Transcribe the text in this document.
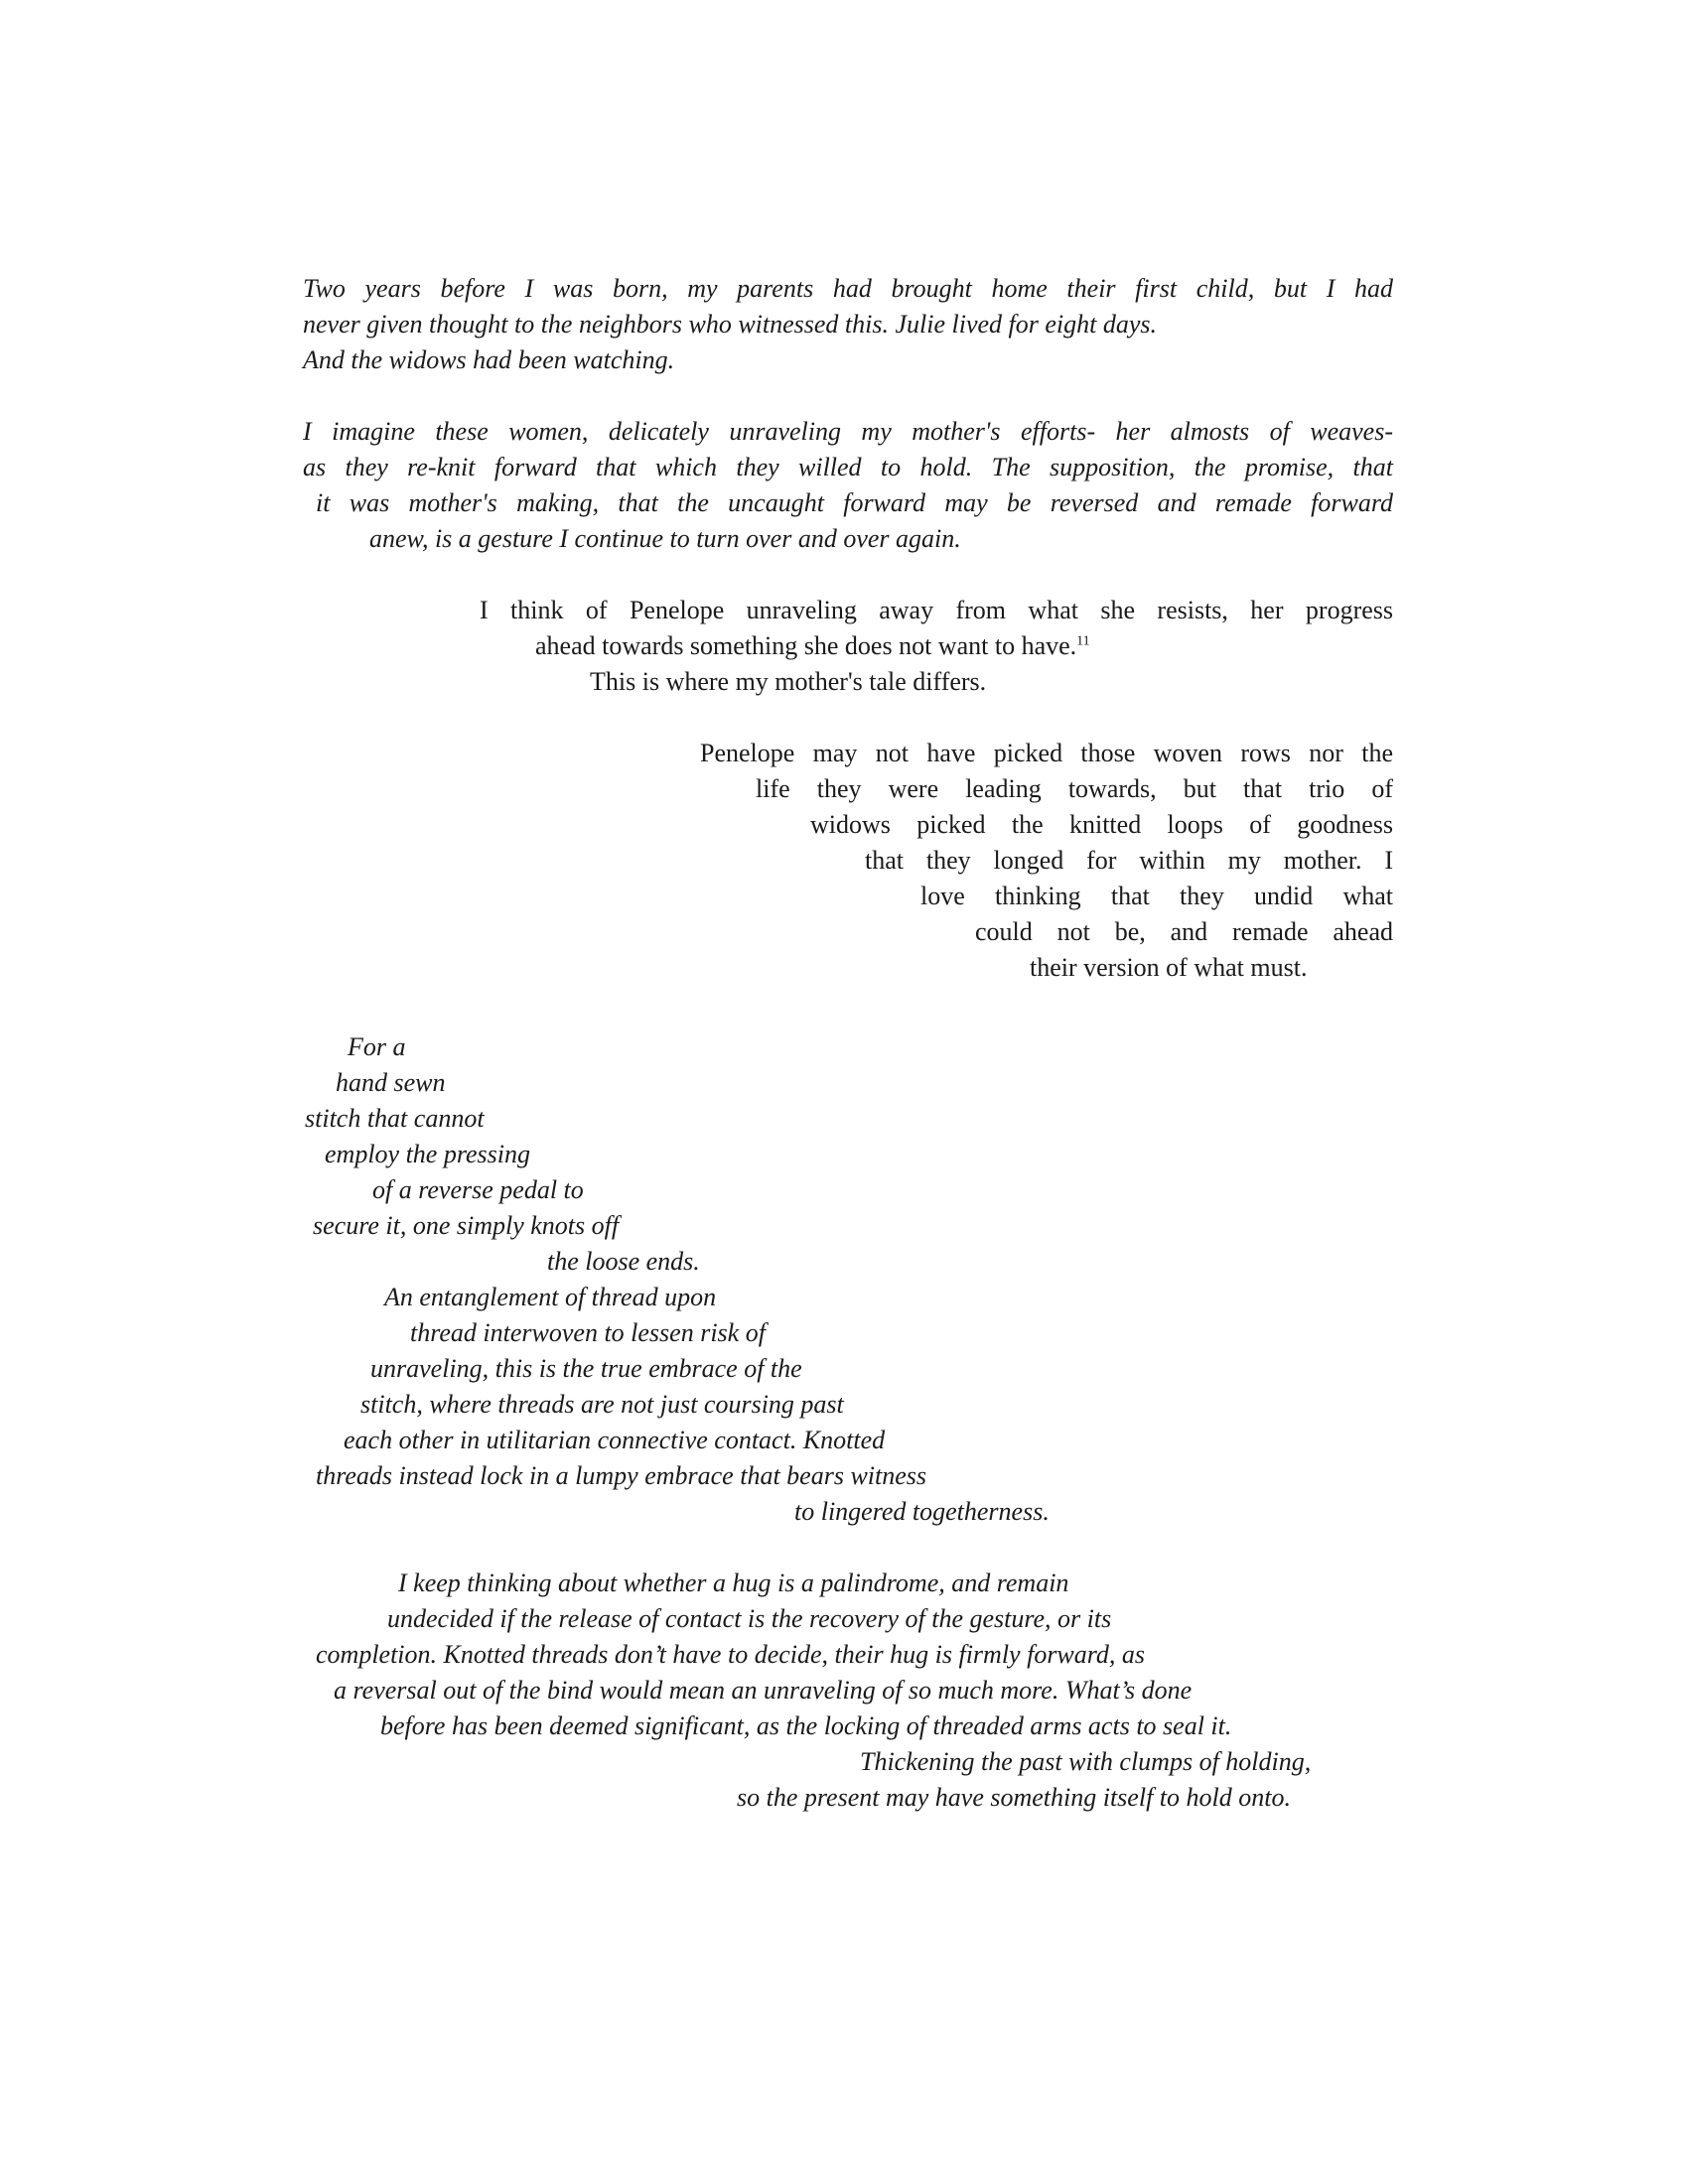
Two years before I was born, my parents had brought home their first child, but I had

never given thought to the neighbors who witnessed this. Julie lived for eight days.

And the widows had been watching.

I imagine these women, delicately unraveling my mother's efforts- her almosts of weaves-

as they re-knit forward that which they willed to hold. The supposition, the promise, that

it was mother's making, that the uncaught forward may be reversed and remade forward

anew, is a gesture I continue to turn over and over again.

I think of Penelope unraveling away from what she resists, her progress

ahead towards something she does not want to have.$^{11}$

This is where my mother's tale differs.

Penelope may not have picked those woven rows nor the

life they were leading towards, but that trio of

widows picked the knitted loops of goodness

that they longed for within my mother. I

love thinking that they undid what

could not be, and remade ahead

their version of what must.

For a

hand sewn

stitch that cannot

employ the pressing

of a reverse pedal to

secure it, one simply knots off

the loose ends.

An entanglement of thread upon

thread interwoven to lessen risk of

unraveling, this is the true embrace of the

stitch, where threads are not just coursing past

each other in utilitarian connective contact. Knotted

threads instead lock in a lumpy embrace that bears witness

to lingered togetherness.

I keep thinking about whether a hug is a palindrome, and remain

undecided if the release of contact is the recovery of the gesture, or its

completion. Knotted threads don’t have to decide, their hug is firmly forward, as

a reversal out of the bind would mean an unraveling of so much more. What’s done

before has been deemed significant, as the locking of threaded arms acts to seal it.

Thickening the past with clumps of holding,

so the present may have something itself to hold onto.
